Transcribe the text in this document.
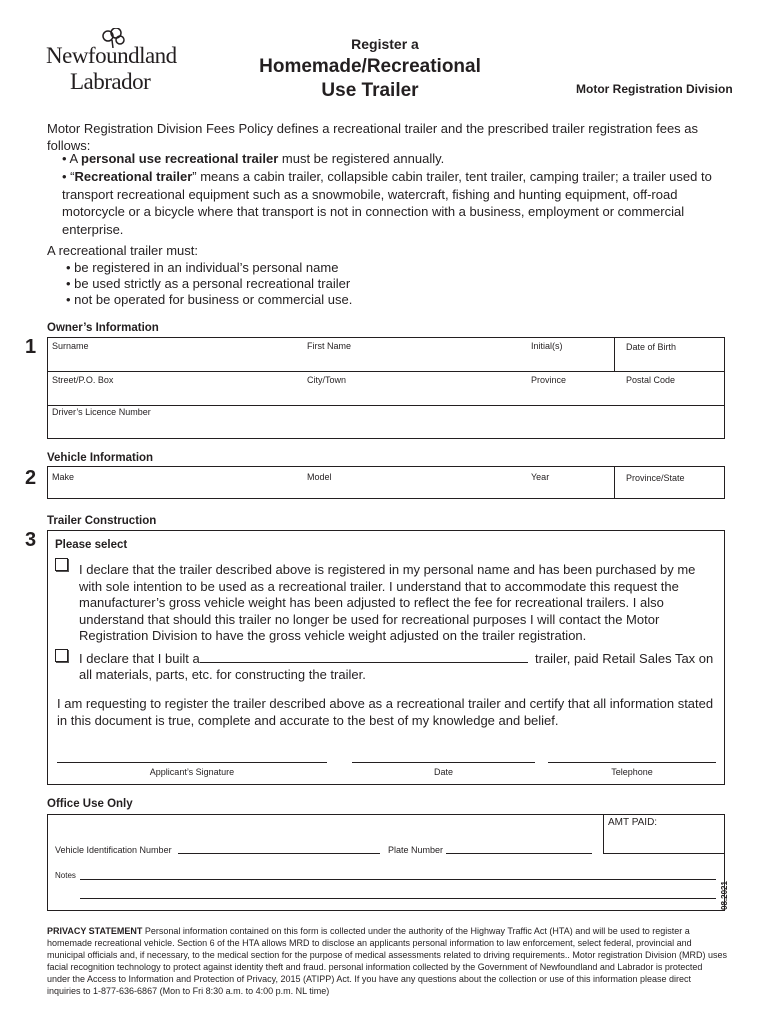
Newfoundland
Labrador
Register a
Homemade/Recreational
Use Trailer	Motor Registration Division
Motor Registration Division Fees Policy defines a recreational trailer and the prescribed trailer registration fees as follows:
• A personal use recreational trailer must be registered annually.
• “Recreational trailer” means a cabin trailer, collapsible cabin trailer, tent trailer, camping trailer; a trailer used to transport recreational equipment such as a snowmobile, watercraft, fishing and hunting equipment, off-road motorcycle or a bicycle where that transport is not in connection with a business, employment or commercial enterprise.
A recreational trailer must:
• be registered in an individual’s personal name
• be used strictly as a personal recreational trailer
• not be operated for business or commercial use.
Owner’s Information
1 Surname	First Name	Initial(s)	Date of Birth
Street/P.O. Box	City/Town	Province	Postal Code
Driver’s Licence Number
Vehicle Information
2 Make	Model	Year	Province/State
Trailer Construction
3 Please select
I declare that the trailer described above is registered in my personal name and has been purchased by me with sole intention to be used as a recreational trailer. I understand that to accommodate this request the manufacturer’s gross vehicle weight has been adjusted to reflect the fee for recreational trailers. I also understand that should this trailer no longer be used for recreational purposes I will contact the Motor Registration Division to have the gross vehicle weight adjusted on the trailer registration.
I declare that I built a	trailer, paid Retail Sales Tax on
all materials, parts, etc. for constructing the trailer.
I am requesting to register the trailer described above as a recreational trailer and certify that all information stated in this document is true, complete and accurate to the best of my knowledge and belief.
Applicant’s Signature	Date	Telephone
Office Use Only
AMT PAID:
Vehicle Identification Number	Plate Number
Notes
08.2021
PRIVACY STATEMENT Personal information contained on this form is collected under the authority of the Highway Traffic Act (HTA) and will be used to register a homemade recreational vehicle. Section 6 of the HTA allows MRD to disclose an applicants personal information to law enforcement, select federal, provincial and municipal officials and, if necessary, to the medical section for the purpose of medical assessments related to driving requirements.. Motor registration Division (MRD) uses facial recognition technology to protect against identity theft and fraud. personal information collected by the Government of Newfoundland and Labrador is protected under the Access to Information and Protection of Privacy, 2015 (ATIPP) Act. If you have any questions about the collection or use of this information please direct inquiries to 1-877-636-6867 (Mon to Fri 8:30 a.m. to 4:00 p.m. NL time)
